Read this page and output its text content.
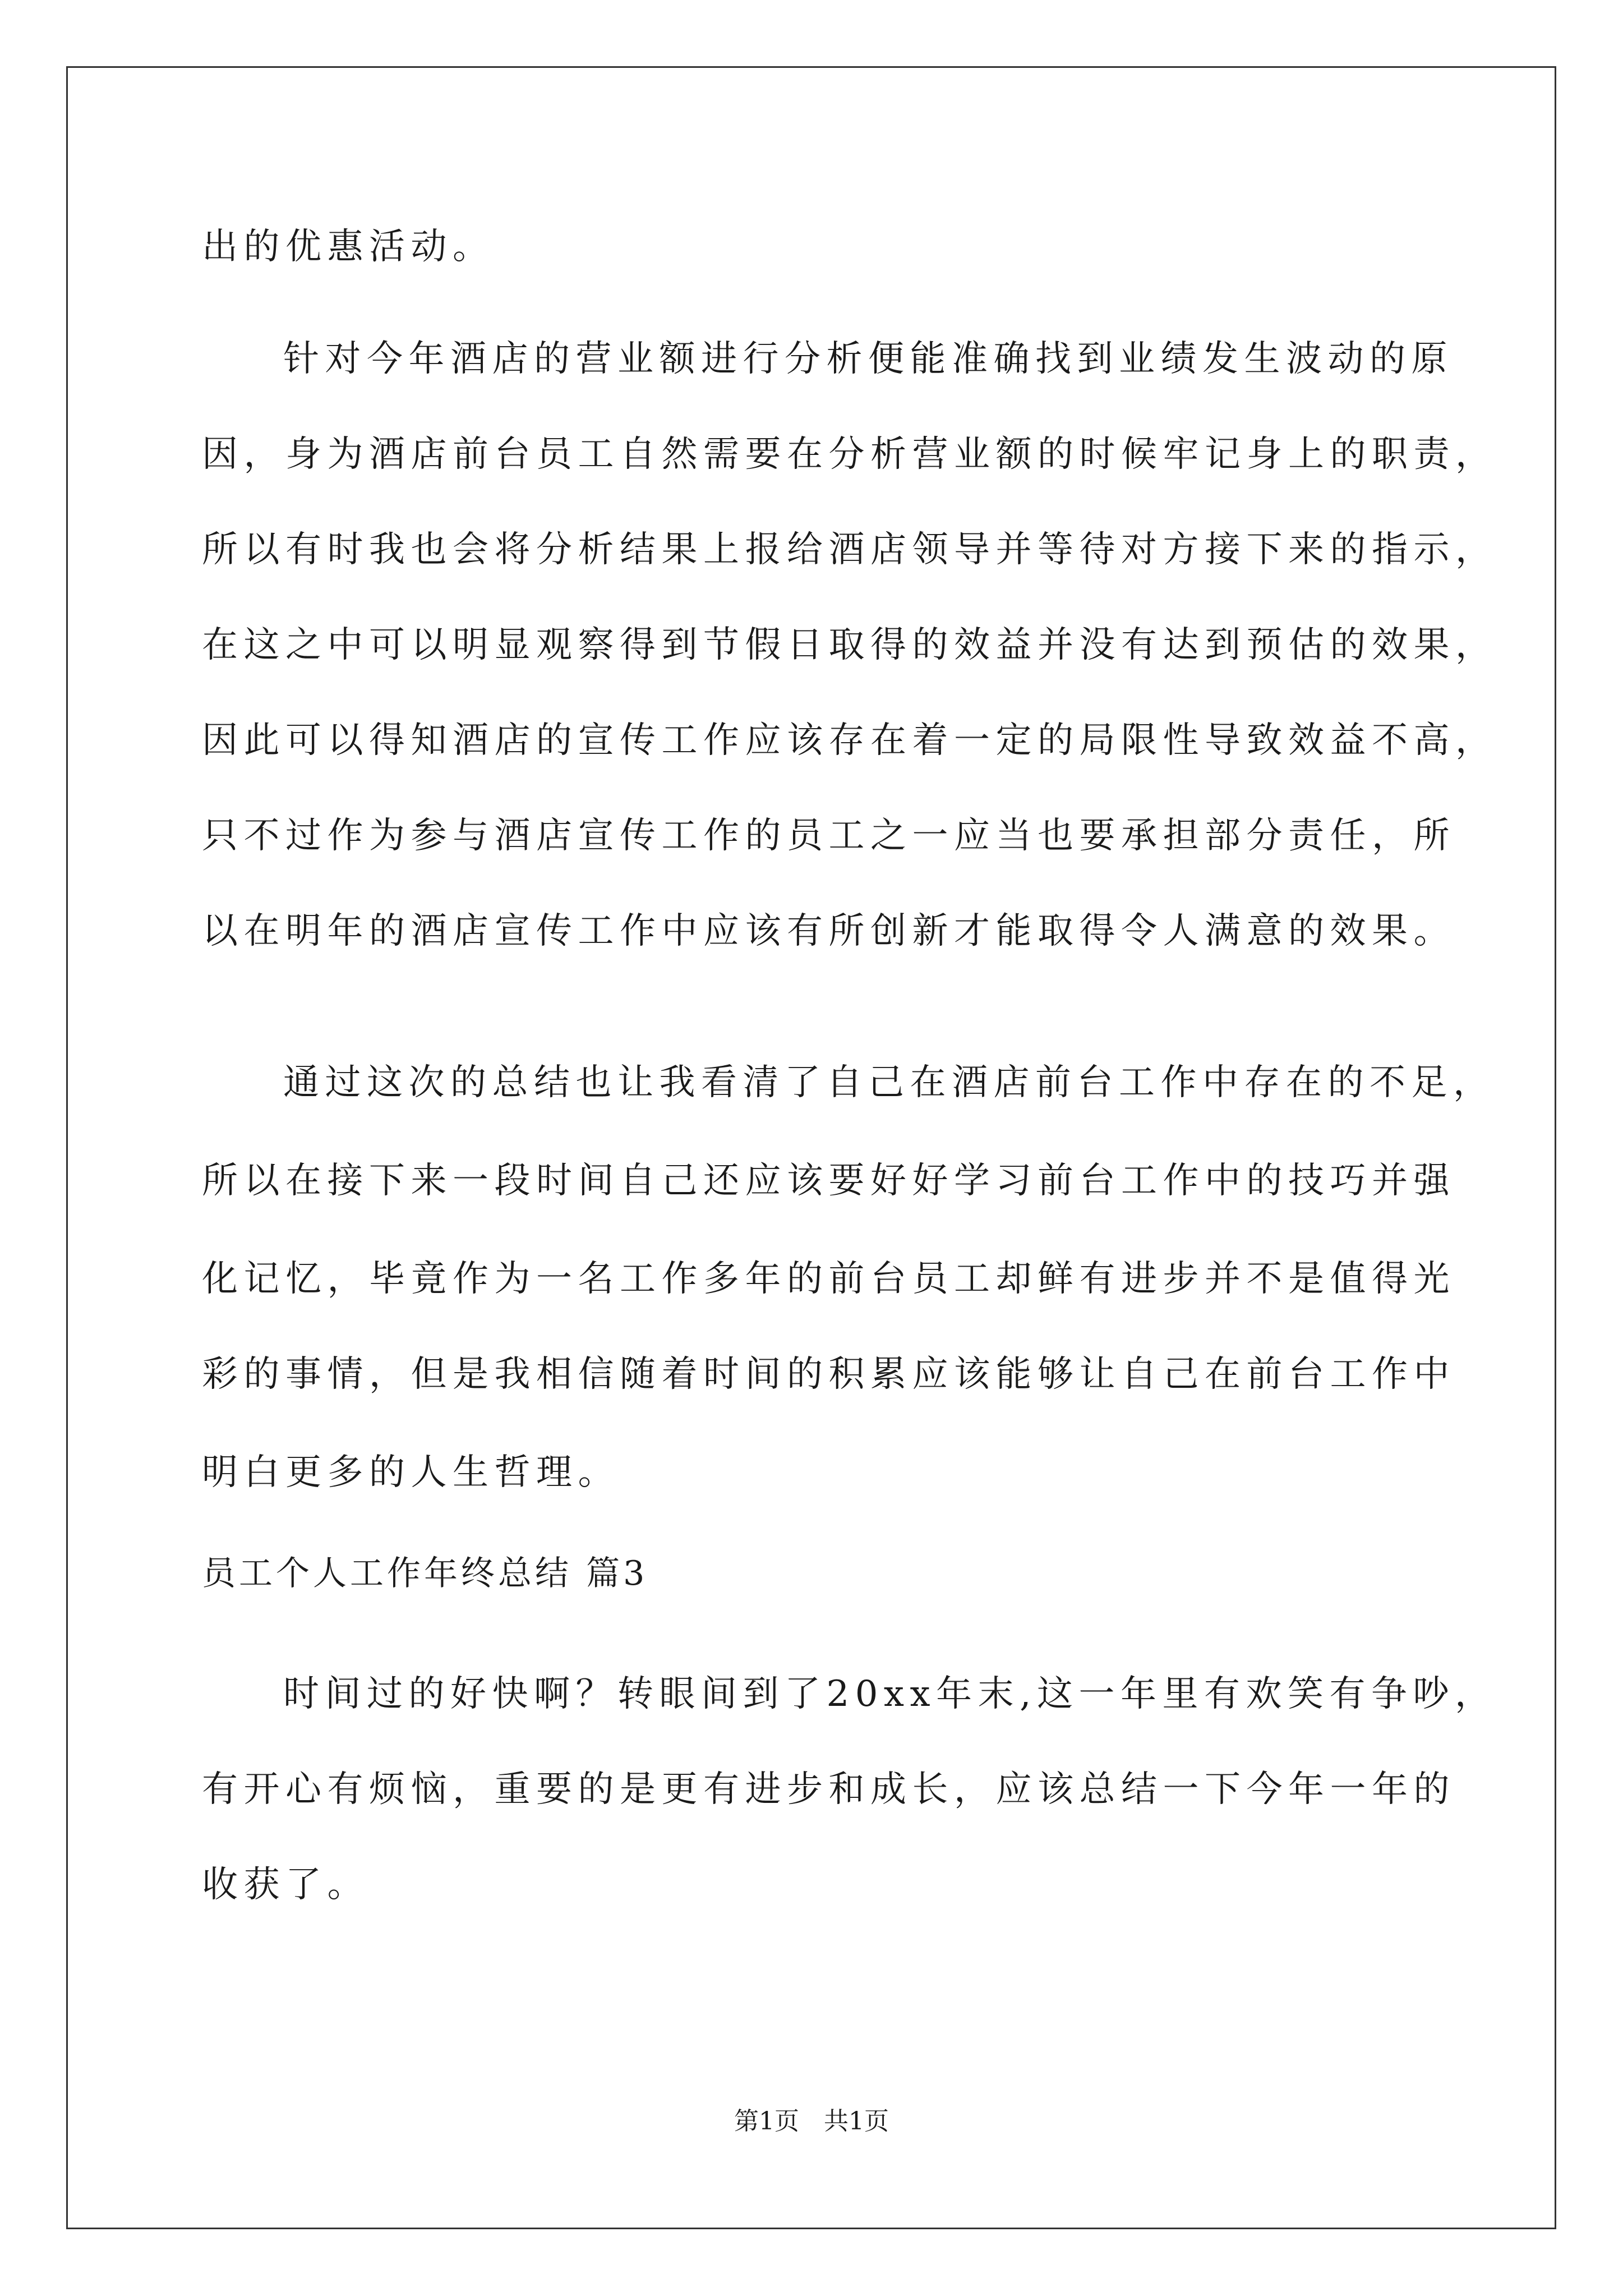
出的优惠活动。
针对今年酒店的营业额进行分析便能准确找到业绩发生波动的原
因，身为酒店前台员工自然需要在分析营业额的时候牢记身上的职责，
所以有时我也会将分析结果上报给酒店领导并等待对方接下来的指示，
在这之中可以明显观察得到节假日取得的效益并没有达到预估的效果，
因此可以得知酒店的宣传工作应该存在着一定的局限性导致效益不高，
只不过作为参与酒店宣传工作的员工之一应当也要承担部分责任，所
以在明年的酒店宣传工作中应该有所创新才能取得令人满意的效果。
通过这次的总结也让我看清了自己在酒店前台工作中存在的不足，
所以在接下来一段时间自己还应该要好好学习前台工作中的技巧并强
化记忆，毕竟作为一名工作多年的前台员工却鲜有进步并不是值得光
彩的事情，但是我相信随着时间的积累应该能够让自己在前台工作中
明白更多的人生哲理。
员工个人工作年终总结 篇3
时间过的好快啊？转眼间到了20xx年末,这一年里有欢笑有争吵，
有开心有烦恼，重要的是更有进步和成长，应该总结一下今年一年的
收获了。
第1页　共1页
